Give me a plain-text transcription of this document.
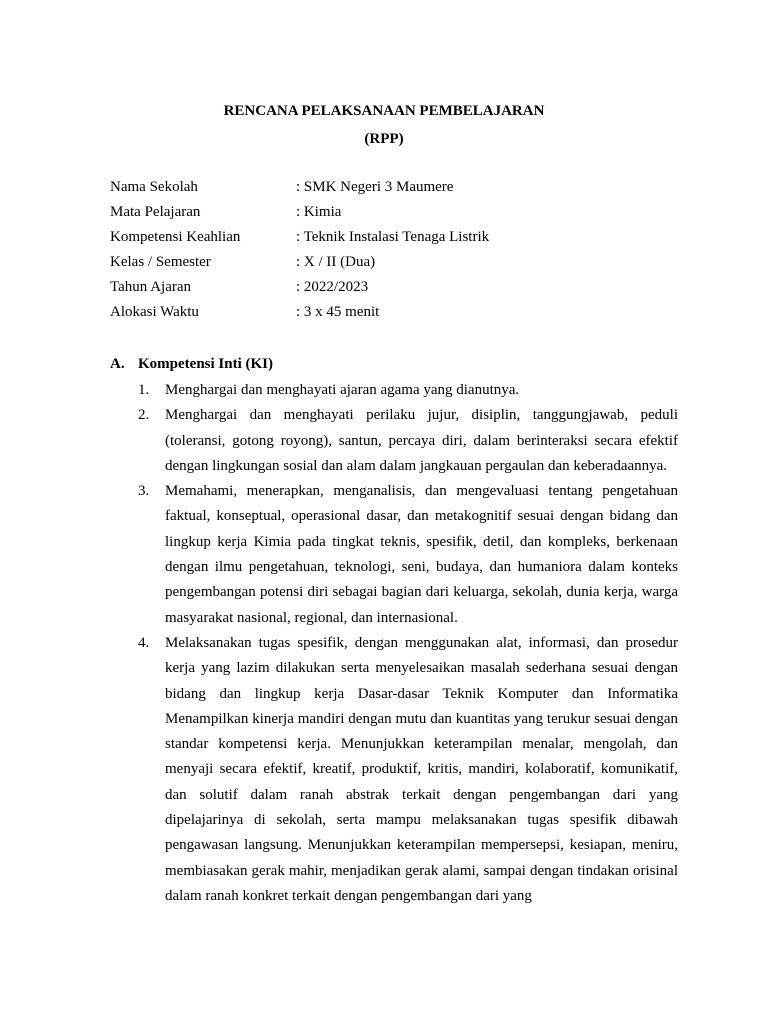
RENCANA PELAKSANAAN PEMBELAJARAN
(RPP)
Nama Sekolah	: SMK Negeri 3 Maumere
Mata Pelajaran	: Kimia
Kompetensi Keahlian	: Teknik Instalasi Tenaga Listrik
Kelas / Semester	: X / II (Dua)
Tahun Ajaran	: 2022/2023
Alokasi Waktu	: 3 x 45 menit
A. Kompetensi Inti (KI)
1. Menghargai dan menghayati ajaran agama yang dianutnya.
2. Menghargai dan menghayati perilaku jujur, disiplin, tanggungjawab, peduli (toleransi, gotong royong), santun, percaya diri, dalam berinteraksi secara efektif dengan lingkungan sosial dan alam dalam jangkauan pergaulan dan keberadaannya.
3. Memahami, menerapkan, menganalisis, dan mengevaluasi tentang pengetahuan faktual, konseptual, operasional dasar, dan metakognitif sesuai dengan bidang dan lingkup kerja Kimia pada tingkat teknis, spesifik, detil, dan kompleks, berkenaan dengan ilmu pengetahuan, teknologi, seni, budaya, dan humaniora dalam konteks pengembangan potensi diri sebagai bagian dari keluarga, sekolah, dunia kerja, warga masyarakat nasional, regional, dan internasional.
4. Melaksanakan tugas spesifik, dengan menggunakan alat, informasi, dan prosedur kerja yang lazim dilakukan serta menyelesaikan masalah sederhana sesuai dengan bidang dan lingkup kerja Dasar-dasar Teknik Komputer dan Informatika Menampilkan kinerja mandiri dengan mutu dan kuantitas yang terukur sesuai dengan standar kompetensi kerja. Menunjukkan keterampilan menalar, mengolah, dan menyaji secara efektif, kreatif, produktif, kritis, mandiri, kolaboratif, komunikatif, dan solutif dalam ranah abstrak terkait dengan pengembangan dari yang dipelajarinya di sekolah, serta mampu melaksanakan tugas spesifik dibawah pengawasan langsung. Menunjukkan keterampilan mempersepsi, kesiapan, meniru, membiasakan gerak mahir, menjadikan gerak alami, sampai dengan tindakan orisinal dalam ranah konkret terkait dengan pengembangan dari yang
